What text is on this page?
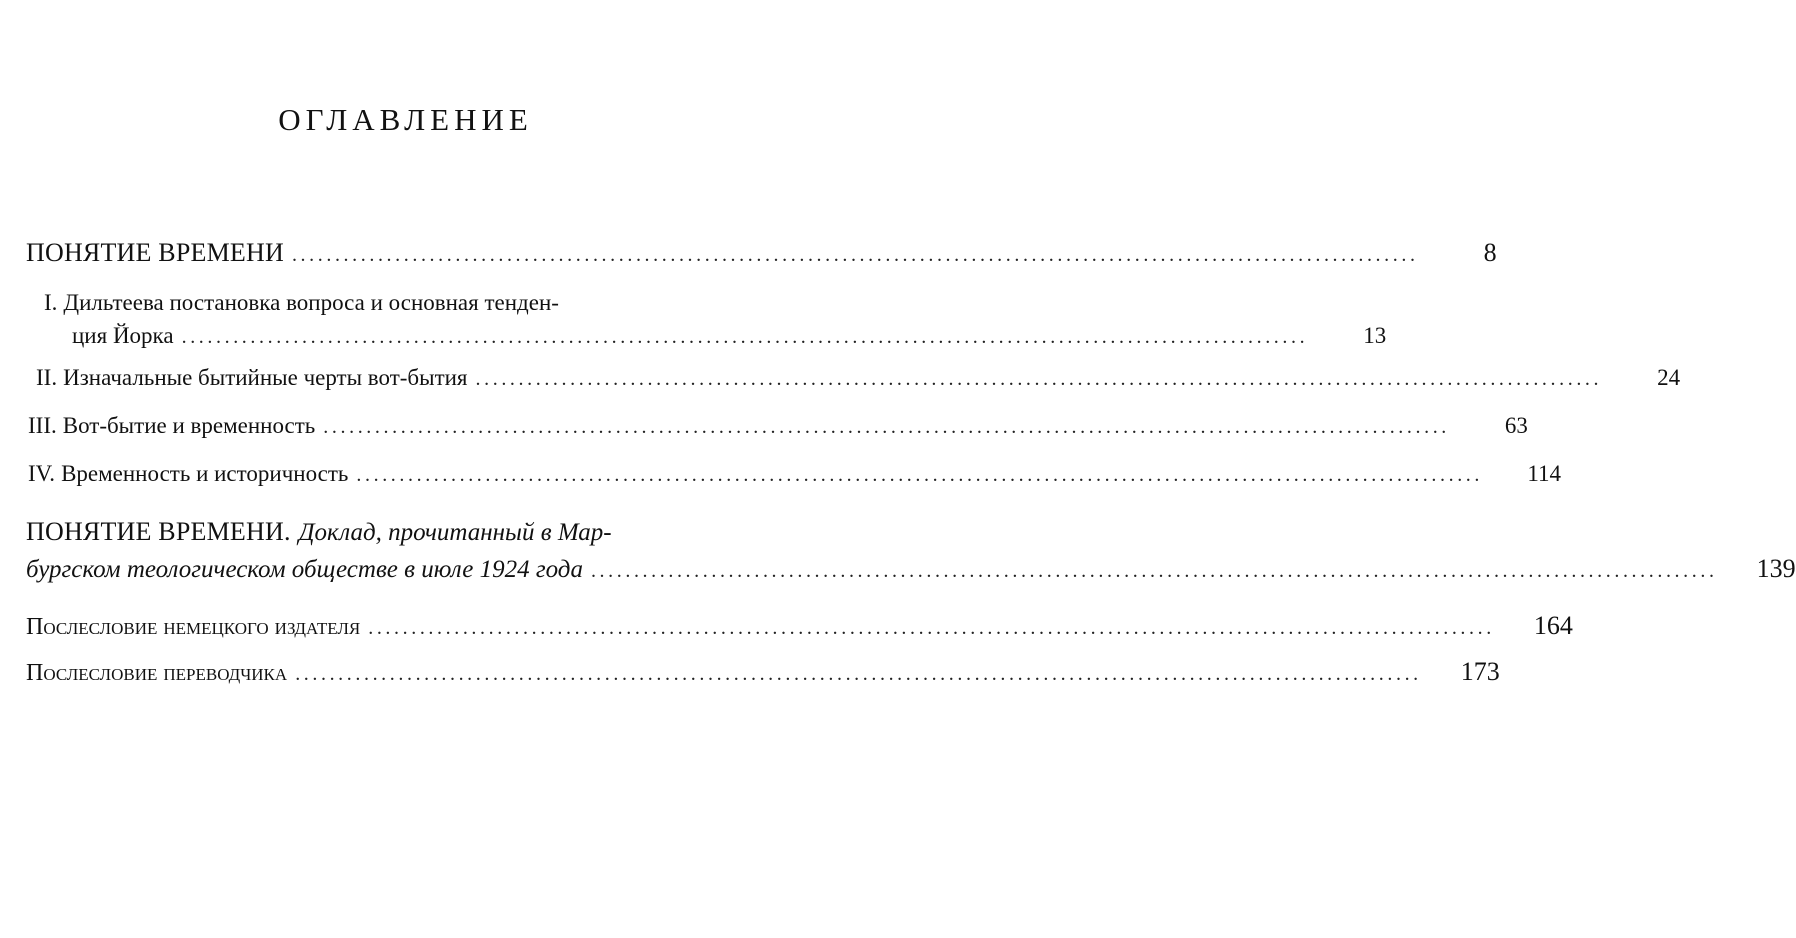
ОГЛАВЛЕНИЕ
ПОНЯТИЕ ВРЕМЕНИ ...................................................................................................................................	8
I. Дильтеева постановка вопроса и основная тенден-
ция Йорка ...................................................................................................................................	13
II. Изначальные бытийные черты вот-бытия ...................................................................................................................................	24
III. Вот-бытие и временность ...................................................................................................................................	63
IV. Временность и историчность ...................................................................................................................................	114
ПОНЯТИЕ ВРЕМЕНИ. Доклад, прочитанный в Мар-
бургском теологическом обществе в июле 1924 года ...................................................................................................................................	139
Послесловие немецкого издателя ...................................................................................................................................	164
Послесловие переводчика ...................................................................................................................................	173
